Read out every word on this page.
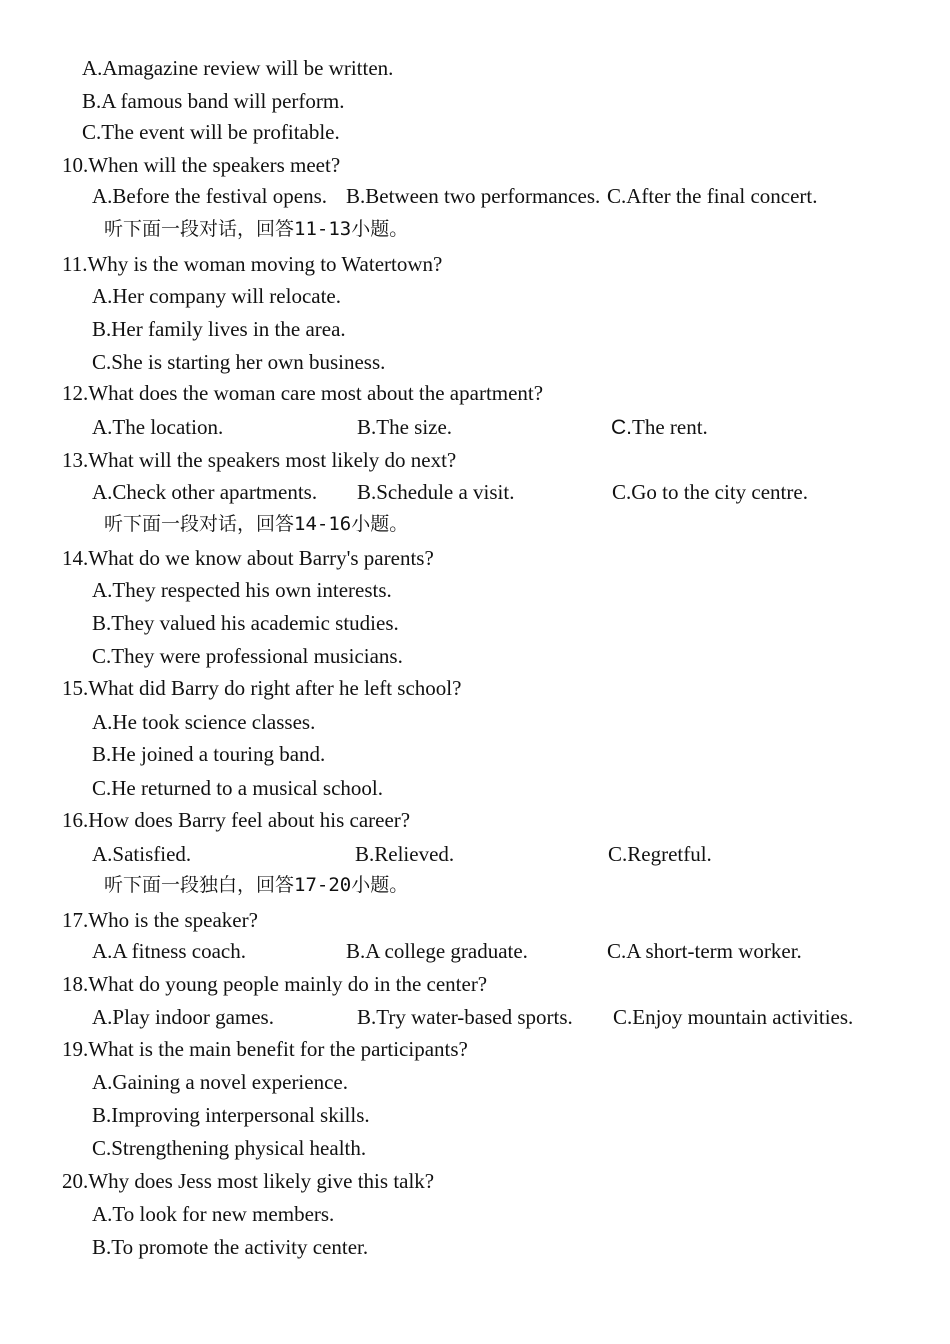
A.Amagazine review will be written.
B.A famous band will perform.
C.The event will be profitable.
10.When will the speakers meet?
A.Before the festival opens. B.Between two performances. C.After the final concert.
听下面一段对话，回答11-13小题。
11.Why is the woman moving to Watertown?
A.Her company will relocate.
B.Her family lives in the area.
C.She is starting her own business.
12.What does the woman care most about the apartment?
A.The location.	B.The size.	C.The rent.
13.What will the speakers most likely do next?
A.Check other apartments. B.Schedule a visit.	C.Go to the city centre.
听下面一段对话，回答14-16小题。
14.What do we know about Barry's parents?
A.They respected his own interests.
B.They valued his academic studies.
C.They were professional musicians.
15.What did Barry do right after he left school?
A.He took science classes.
B.He joined a touring band.
C.He returned to a musical school.
16.How does Barry feel about his career?
A.Satisfied.	B.Relieved.	C.Regretful.
听下面一段独白，回答17-20小题。
17.Who is the speaker?
A.A fitness coach.	B.A college graduate.	C.A short-term worker.
18.What do young people mainly do in the center?
A.Play indoor games.	B.Try water-based sports. C.Enjoy mountain activities.
19.What is the main benefit for the participants?
A.Gaining a novel experience.
B.Improving interpersonal skills.
C.Strengthening physical health.
20.Why does Jess most likely give this talk?
A.To look for new members.
B.To promote the activity center.
